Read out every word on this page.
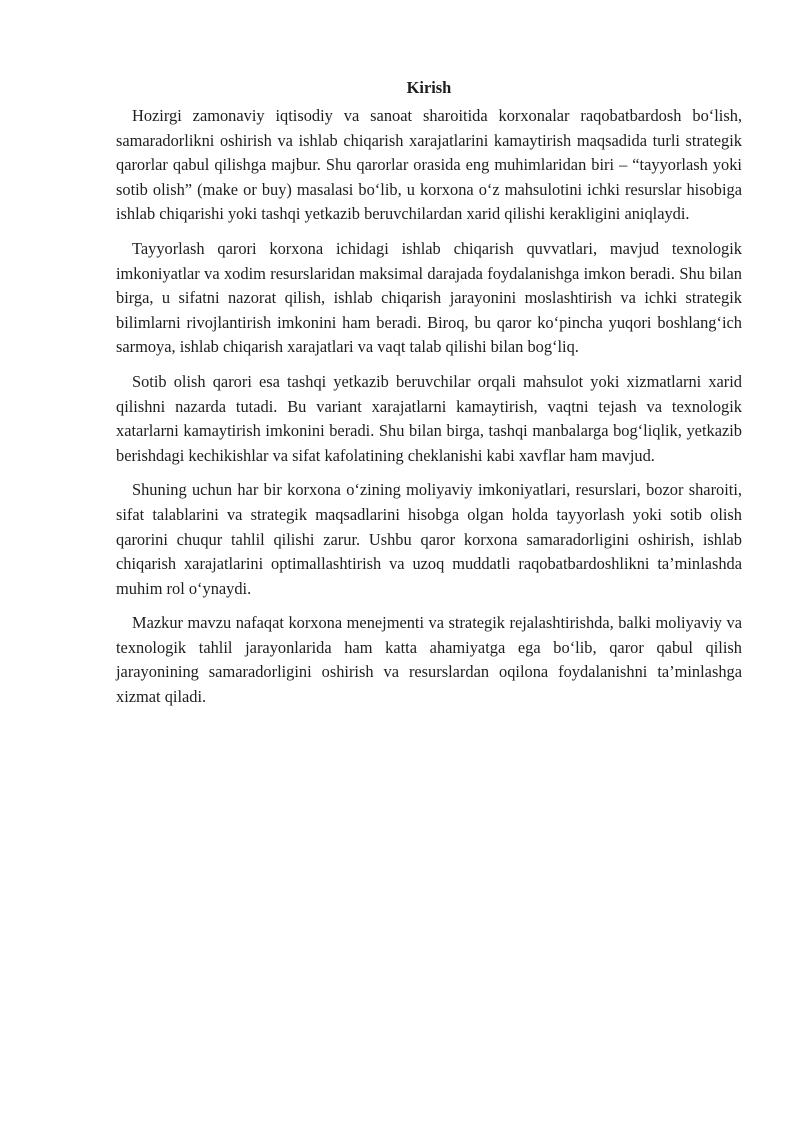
Kirish

Hozirgi zamonaviy iqtisodiy va sanoat sharoitida korxonalar raqobatbardosh bo‘lish, samaradorlikni oshirish va ishlab chiqarish xarajatlarini kamaytirish maqsadida turli strategik qarorlar qabul qilishga majbur. Shu qarorlar orasida eng muhimlaridan biri – “tayyorlash yoki sotib olish” (make or buy) masalasi bo‘lib, u korxona o‘z mahsulotini ichki resurslar hisobiga ishlab chiqarishi yoki tashqi yetkazib beruvchilardan xarid qilishi kerakligini aniqlaydi.

Tayyorlash qarori korxona ichidagi ishlab chiqarish quvvatlari, mavjud texnologik imkoniyatlar va xodim resurslaridan maksimal darajada foydalanishga imkon beradi. Shu bilan birga, u sifatni nazorat qilish, ishlab chiqarish jarayonini moslashtirish va ichki strategik bilimlarni rivojlantirish imkonini ham beradi. Biroq, bu qaror ko‘pincha yuqori boshlang‘ich sarmoya, ishlab chiqarish xarajatlari va vaqt talab qilishi bilan bog‘liq.

Sotib olish qarori esa tashqi yetkazib beruvchilar orqali mahsulot yoki xizmatlarni xarid qilishni nazarda tutadi. Bu variant xarajatlarni kamaytirish, vaqtni tejash va texnologik xatarlarni kamaytirish imkonini beradi. Shu bilan birga, tashqi manbalarga bog‘liqlik, yetkazib berishdagi kechikishlar va sifat kafolatining cheklanishi kabi xavflar ham mavjud.

Shuning uchun har bir korxona o‘zining moliyaviy imkoniyatlari, resurslari, bozor sharoiti, sifat talablarini va strategik maqsadlarini hisobga olgan holda tayyorlash yoki sotib olish qarorini chuqur tahlil qilishi zarur. Ushbu qaror korxona samaradorligini oshirish, ishlab chiqarish xarajatlarini optimallashtirish va uzoq muddatli raqobatbardoshlikni ta’minlashda muhim rol o‘ynaydi.

Mazkur mavzu nafaqat korxona menejmenti va strategik rejalashtirishda, balki moliyaviy va texnologik tahlil jarayonlarida ham katta ahamiyatga ega bo‘lib, qaror qabul qilish jarayonining samaradorligini oshirish va resurslardan oqilona foydalanishni ta’minlashga xizmat qiladi.
